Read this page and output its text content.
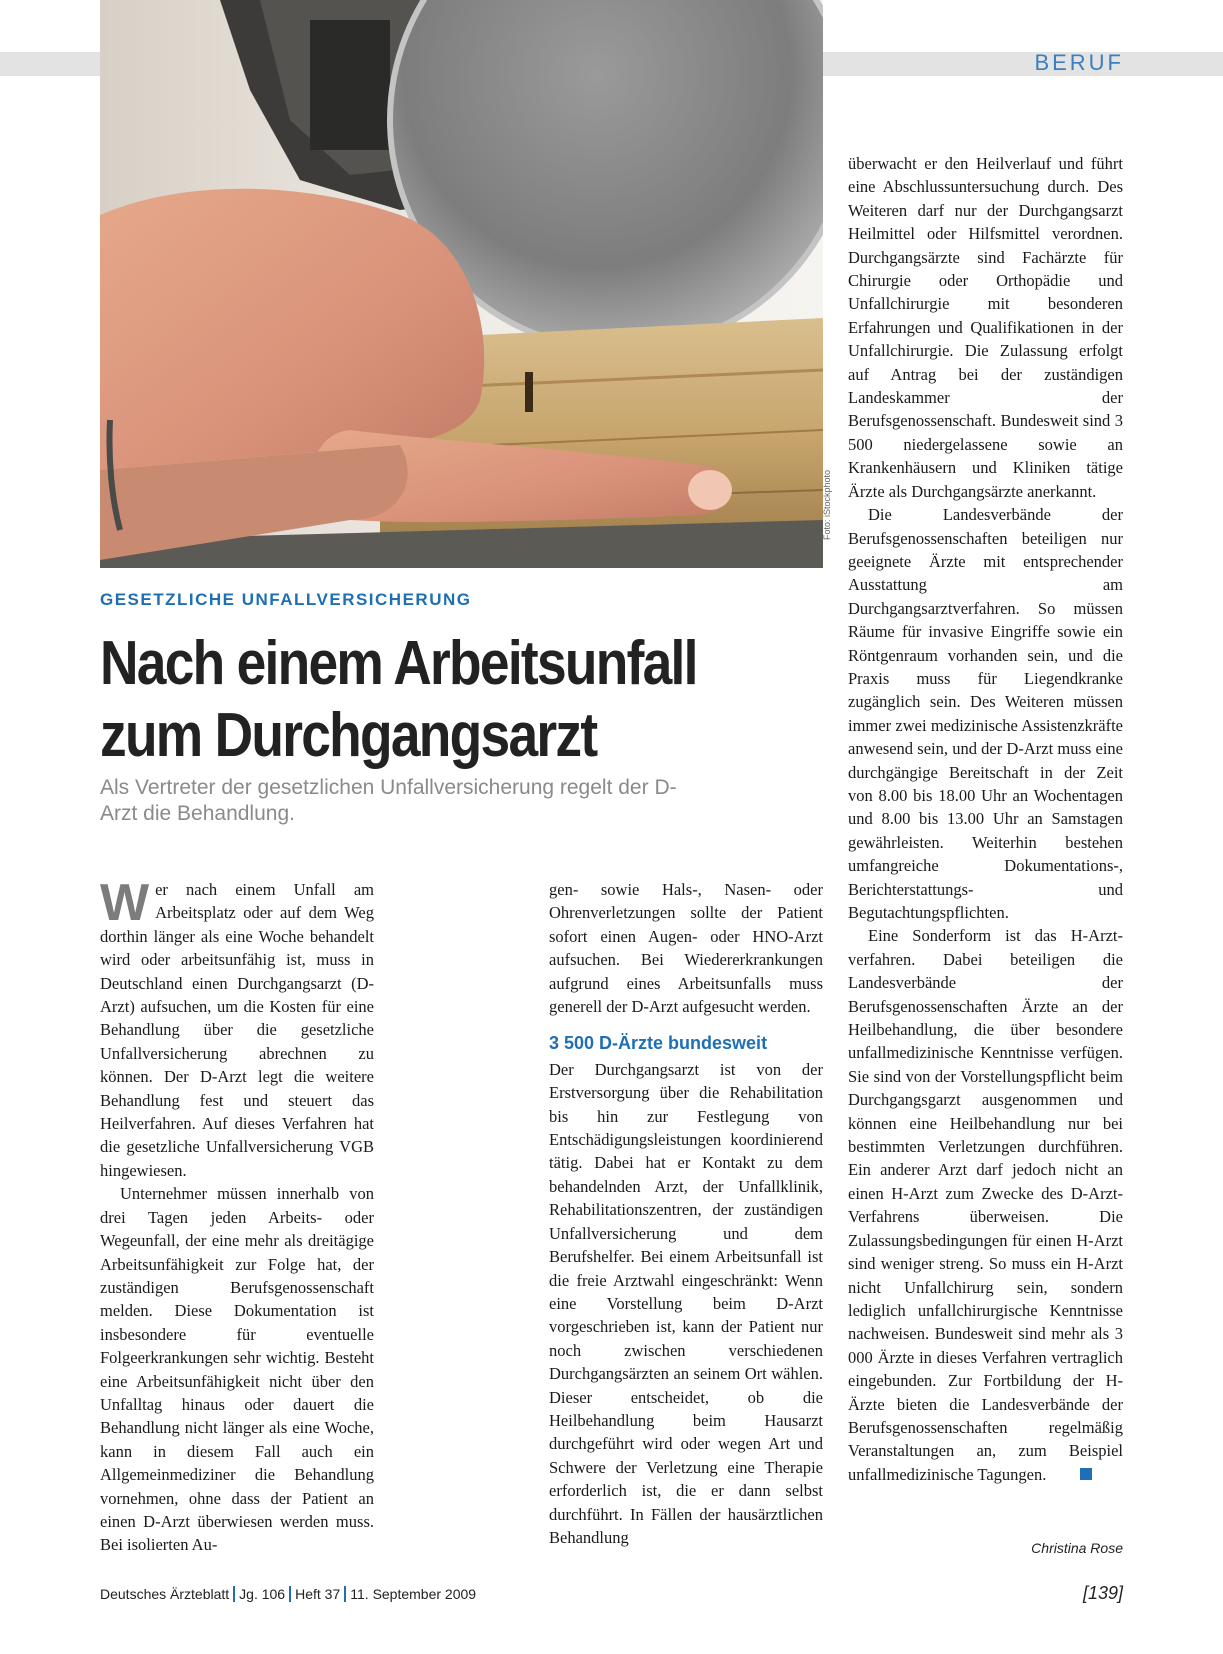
BERUF
Foto: iStockphoto
GESETZLICHE UNFALLVERSICHERUNG
Nach einem Arbeitsunfall zum Durchgangsarzt
Als Vertreter der gesetzlichen Unfallversicherung regelt der D-Arzt die Behandlung.

Wer nach einem Unfall am Arbeitsplatz oder auf dem Weg dorthin länger als eine Woche behandelt wird oder arbeitsunfähig ist, muss in Deutschland einen Durchgangsarzt (D-Arzt) aufsuchen, um die Kosten für eine Behandlung über die gesetzliche Unfallversicherung abrechnen zu können. Der D-Arzt legt die weitere Behandlung fest und steuert das Heilverfahren. Auf dieses Verfahren hat die gesetzliche Unfallversicherung VGB hingewiesen.

Unternehmer müssen innerhalb von drei Tagen jeden Arbeits- oder Wegeunfall, der eine mehr als dreitägige Arbeitsunfähigkeit zur Folge hat, der zuständigen Berufsgenossenschaft melden. Diese Dokumentation ist insbesondere für eventuelle Folgeerkrankungen sehr wichtig. Besteht eine Arbeitsunfähigkeit nicht über den Unfalltag hinaus oder dauert die Behandlung nicht länger als eine Woche, kann in diesem Fall auch ein Allgemeinmediziner die Behandlung vornehmen, ohne dass der Patient an einen D-Arzt überwiesen werden muss. Bei isolierten Au-

gen- sowie Hals-, Nasen- oder Ohrenverletzungen sollte der Patient sofort einen Augen- oder HNO-Arzt aufsuchen. Bei Wiedererkrankungen aufgrund eines Arbeitsunfalls muss generell der D-Arzt aufgesucht werden.

3 500 D-Ärzte bundesweit

Der Durchgangsarzt ist von der Erstversorgung über die Rehabilitation bis hin zur Festlegung von Entschädigungsleistungen koordinierend tätig. Dabei hat er Kontakt zu dem behandelnden Arzt, der Unfallklinik, Rehabilitationszentren, der zuständigen Unfallversicherung und dem Berufshelfer. Bei einem Arbeitsunfall ist die freie Arztwahl eingeschränkt: Wenn eine Vorstellung beim D-Arzt vorgeschrieben ist, kann der Patient nur noch zwischen verschiedenen Durchgangsärzten an seinem Ort wählen. Dieser entscheidet, ob die Heilbehandlung beim Hausarzt durchgeführt wird oder wegen Art und Schwere der Verletzung eine Therapie erforderlich ist, die er dann selbst durchführt. In Fällen der hausärztlichen Behandlung

überwacht er den Heilverlauf und führt eine Abschlussuntersuchung durch. Des Weiteren darf nur der Durchgangsarzt Heilmittel oder Hilfsmittel verordnen. Durchgangsärzte sind Fachärzte für Chirurgie oder Orthopädie und Unfallchirurgie mit besonderen Erfahrungen und Qualifikationen in der Unfallchirurgie. Die Zulassung erfolgt auf Antrag bei der zuständigen Landeskammer der Berufsgenossenschaft. Bundesweit sind 3 500 niedergelassene sowie an Krankenhäusern und Kliniken tätige Ärzte als Durchgangsärzte anerkannt.

Die Landesverbände der Berufsgenossenschaften beteiligen nur geeignete Ärzte mit entsprechender Ausstattung am Durchgangsarztverfahren. So müssen Räume für invasive Eingriffe sowie ein Röntgenraum vorhanden sein, und die Praxis muss für Liegendkranke zugänglich sein. Des Weiteren müssen immer zwei medizinische Assistenzkräfte anwesend sein, und der D-Arzt muss eine durchgängige Bereitschaft in der Zeit von 8.00 bis 18.00 Uhr an Wochentagen und 8.00 bis 13.00 Uhr an Samstagen gewährleisten. Weiterhin bestehen umfangreiche Dokumentations-, Berichterstattungs- und Begutachtungspflichten.

Eine Sonderform ist das H-Arzt-verfahren. Dabei beteiligen die Landesverbände der Berufsgenossenschaften Ärzte an der Heilbehandlung, die über besondere unfallmedizinische Kenntnisse verfügen. Sie sind von der Vorstellungspflicht beim Durchgangsgarzt ausgenommen und können eine Heilbehandlung nur bei bestimmten Verletzungen durchführen. Ein anderer Arzt darf jedoch nicht an einen H-Arzt zum Zwecke des D-Arzt-Verfahrens überweisen. Die Zulassungsbedingungen für einen H-Arzt sind weniger streng. So muss ein H-Arzt nicht Unfallchirurg sein, sondern lediglich unfallchirurgische Kenntnisse nachweisen. Bundesweit sind mehr als 3 000 Ärzte in dieses Verfahren vertraglich eingebunden. Zur Fortbildung der H-Ärzte bieten die Landesverbände der Berufsgenossenschaften regelmäßig Veranstaltungen an, zum Beispiel unfallmedizinische Tagungen.

Christina Rose
Deutsches Ärzteblatt Jg. 106 Heft 37 11. September 2009	[139]
